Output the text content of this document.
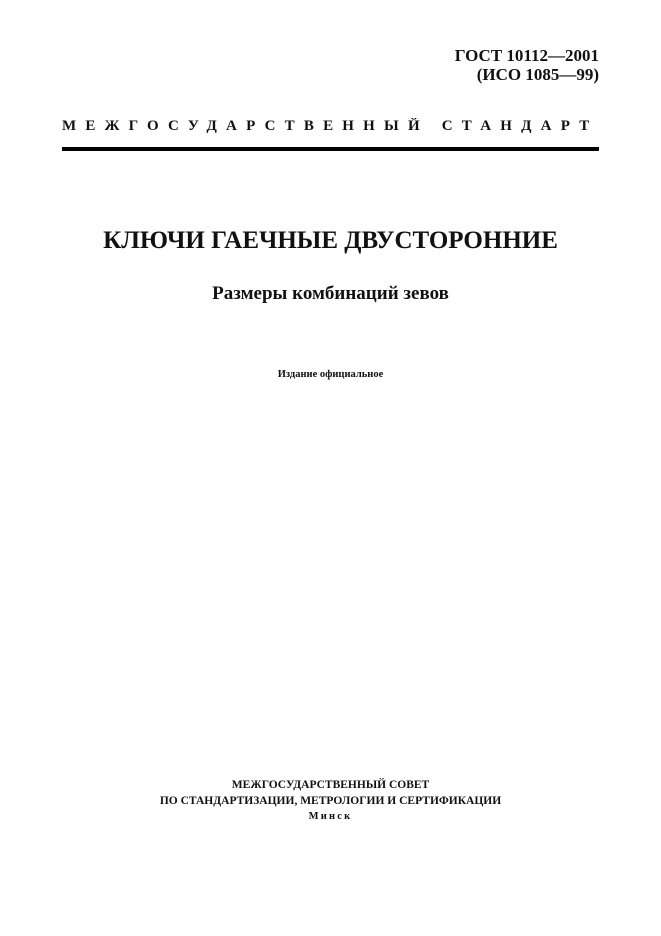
ГОСТ 10112—2001
(ИСО 1085—99)
МЕЖГОСУДАРСТВЕННЫЙ СТАНДАРТ
КЛЮЧИ ГАЕЧНЫЕ ДВУСТОРОННИЕ
Размеры комбинаций зевов
Издание официальное
МЕЖГОСУДАРСТВЕННЫЙ СОВЕТ
ПО СТАНДАРТИЗАЦИИ, МЕТРОЛОГИИ И СЕРТИФИКАЦИИ
Минск
